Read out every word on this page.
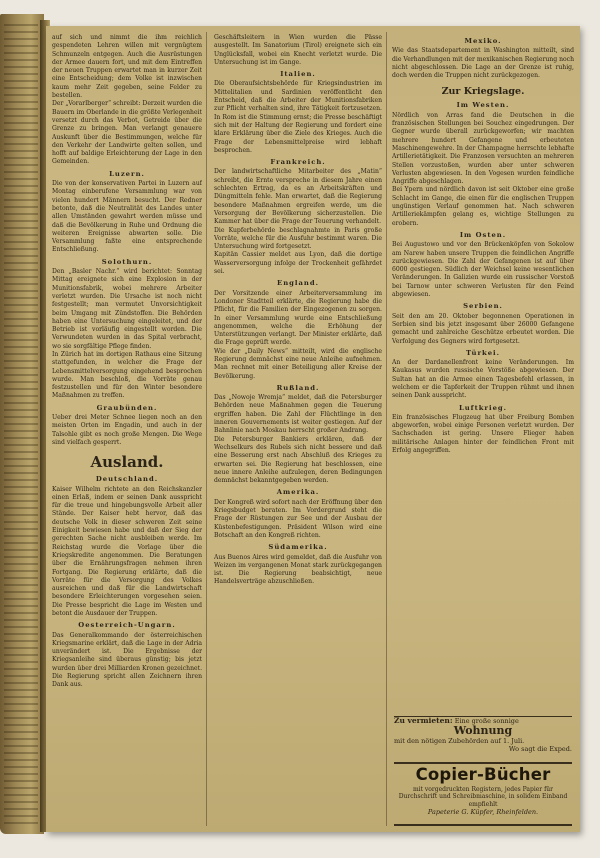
auf sich und nimmt die ihm reichlich gespendeten Lehren willen mit vergnügtem Schmunzeln entgegen. Auch die Ausrüstungen der Armee dauern fort, und mit dem Eintreffen der neuen Truppen erwartet man in kurzer Zeit eine Entscheidung; dem Volke ist inzwischen kaum mehr Zeit gegeben, seine Felder zu bestellen.

Der „Vorarlberger“ schreibt: Derzeit wurden die Bauern im Oberlande in die größte Verlegenheit versetzt durch das Verbot, Getreide über die Grenze zu bringen. Man verlangt genauere Auskunft über die Bestimmungen, welche für den Verkehr der Landwirte gelten sollen, und hofft auf baldige Erleichterung der Lage in den Gemeinden.

Luzern.

Die von der konservativen Partei in Luzern auf Montag einberufene Versammlung war von vielen hundert Männern besucht. Der Redner betonte, daß die Neutralität des Landes unter allen Umständen gewahrt werden müsse und daß die Bevölkerung in Ruhe und Ordnung die weiteren Ereignisse abwarten solle. Die Versammlung faßte eine entsprechende Entschließung.

Solothurn.

Den „Basler Nachr.“ wird berichtet: Sonntag Mittag ereignete sich eine Explosion in der Munitionsfabrik, wobei mehrere Arbeiter verletzt wurden. Die Ursache ist noch nicht festgestellt; man vermutet Unvorsichtigkeit beim Umgang mit Zündstoffen. Die Behörden haben eine Untersuchung eingeleitet, und der Betrieb ist vorläufig eingestellt worden. Die Verwundeten wurden in das Spital verbracht, wo sie sorgfältige Pflege finden.

In Zürich hat im dortigen Rathaus eine Sitzung stattgefunden, in welcher die Frage der Lebensmittelversorgung eingehend besprochen wurde. Man beschloß, die Vorräte genau festzustellen und für den Winter besondere Maßnahmen zu treffen.

Graubünden.

Ueber drei Meter Schnee liegen noch an den meisten Orten im Engadin, und auch in der Talsohle gibt es noch große Mengen. Die Wege sind vielfach gesperrt.

Ausland.
Deutschland.

Kaiser Wilhelm richtete an den Reichskanzler einen Erlaß, indem er seinen Dank ausspricht für die treue und hingebungsvolle Arbeit aller Stände. Der Kaiser hebt hervor, daß das deutsche Volk in dieser schweren Zeit seine Einigkeit bewiesen habe und daß der Sieg der gerechten Sache nicht ausbleiben werde. Im Reichstag wurde die Vorlage über die Kriegskredite angenommen. Die Beratungen über die Ernährungsfragen nehmen ihren Fortgang. Die Regierung erklärte, daß die Vorräte für die Versorgung des Volkes ausreichen und daß für die Landwirtschaft besondere Erleichterungen vorgesehen seien. Die Presse bespricht die Lage im Westen und betont die Ausdauer der Truppen.

Oesterreich-Ungarn.

Das Generalkommando der österreichischen Kriegsmarine erklärt, daß die Lage in der Adria unverändert ist. Die Ergebnisse der Kriegsanleihe sind überaus günstig; bis jetzt wurden über drei Milliarden Kronen gezeichnet. Die Regierung spricht allen Zeichnern ihren Dank aus.

Geschäftsleitern in Wien wurden die Pässe ausgestellt. Im Sanatorium (Tirol) ereignete sich ein Unglücksfall, wobei ein Knecht verletzt wurde. Die Untersuchung ist im Gange.

Italien.

Die Oberaufsichtsbehörde für Kriegsindustrien im Mittelitalien und Sardinien veröffentlicht den Entscheid, daß die Arbeiter der Munitionsfabriken zur Pflicht verhalten sind, ihre Tätigkeit fortzusetzen. In Rom ist die Stimmung ernst; die Presse beschäftigt sich mit der Haltung der Regierung und fordert eine klare Erklärung über die Ziele des Krieges. Auch die Frage der Lebensmittelpreise wird lebhaft besprochen.

Frankreich.

Der landwirtschaftliche Mitarbeiter des „Matin“ schreibt, die Ernte verspreche in diesem Jahre einen schlechten Ertrag, da es an Arbeitskräften und Düngmitteln fehle. Man erwartet, daß die Regierung besondere Maßnahmen ergreifen werde, um die Versorgung der Bevölkerung sicherzustellen. Die Kammer hat über die Frage der Teuerung verhandelt.

Die Kupferbehörde beschlagnahmte in Paris große Vorräte, welche für die Ausfuhr bestimmt waren. Die Untersuchung wird fortgesetzt.

Kapitän Cassier meldet aus Lyon, daß die dortige Wasserversorgung infolge der Trockenheit gefährdet sei.

England.

Der Vorsitzende einer Arbeiterversammlung im Londoner Stadtteil erklärte, die Regierung habe die Pflicht, für die Familien der Eingezogenen zu sorgen. In einer Versammlung wurde eine Entschließung angenommen, welche die Erhöhung der Unterstützungen verlangt. Der Minister erklärte, daß die Frage geprüft werde.

Wie der „Daily News“ mitteilt, wird die englische Regierung demnächst eine neue Anleihe aufnehmen. Man rechnet mit einer Beteiligung aller Kreise der Bevölkerung.

Rußland.

Das „Nowoje Wremja“ meldet, daß die Petersburger Behörden neue Maßnahmen gegen die Teuerung ergriffen haben. Die Zahl der Flüchtlinge in den inneren Gouvernements ist weiter gestiegen. Auf der Bahnlinie nach Moskau herrscht großer Andrang.

Die Petersburger Bankiers erklären, daß der Wechselkurs des Rubels sich nicht bessere und daß eine Besserung erst nach Abschluß des Krieges zu erwarten sei. Die Regierung hat beschlossen, eine neue innere Anleihe aufzulegen, deren Bedingungen demnächst bekanntgegeben werden.

Amerika.

Der Kongreß wird sofort nach der Eröffnung über den Kriegsbudget beraten. Im Vordergrund steht die Frage der Rüstungen zur See und der Ausbau der Küstenbefestigungen. Präsident Wilson wird eine Botschaft an den Kongreß richten.

Südamerika.

Aus Buenos Aires wird gemeldet, daß die Ausfuhr von Weizen im vergangenen Monat stark zurückgegangen ist. Die Regierung beabsichtigt, neue Handelsverträge abzuschließen.

Mexiko.

Wie das Staatsdepartement in Washington mitteilt, sind die Verhandlungen mit der mexikanischen Regierung noch nicht abgeschlossen. Die Lage an der Grenze ist ruhig, doch werden die Truppen nicht zurückgezogen.

Zur Kriegslage.
Im Westen.

Nördlich von Arras fand die Deutschen in die französischen Stellungen bei Souchez eingedrungen. Der Gegner wurde überall zurückgeworfen; wir machten mehrere hundert Gefangene und erbeuteten Maschinengewehre. In der Champagne herrschte lebhafte Artillerietätigkeit. Die Franzosen versuchten an mehreren Stellen vorzustoßen, wurden aber unter schweren Verlusten abgewiesen. In den Vogesen wurden feindliche Angriffe abgeschlagen.

Bei Ypern und nördlich davon ist seit Oktober eine große Schlacht im Gange, die einen für die englischen Truppen ungünstigen Verlauf genommen hat. Nach schweren Artilleriekämpfen gelang es, wichtige Stellungen zu erobern.

Im Osten.

Bei Augustowo und vor den Brückenköpfen von Sokolow am Narew haben unsere Truppen die feindlichen Angriffe zurückgewiesen. Die Zahl der Gefangenen ist auf über 6000 gestiegen. Südlich der Weichsel keine wesentlichen Veränderungen. In Galizien wurde ein russischer Vorstoß bei Tarnow unter schweren Verlusten für den Feind abgewiesen.

Serbien.

Seit den am 20. Oktober begonnenen Operationen in Serbien sind bis jetzt insgesamt über 26000 Gefangene gemacht und zahlreiche Geschütze erbeutet worden. Die Verfolgung des Gegners wird fortgesetzt.

Türkei.

An der Dardanellenfront keine Veränderungen. Im Kaukasus wurden russische Vorstöße abgewiesen. Der Sultan hat an die Armee einen Tagesbefehl erlassen, in welchem er die Tapferkeit der Truppen rühmt und ihnen seinen Dank ausspricht.

Luftkrieg.

Ein französisches Flugzeug hat über Freiburg Bomben abgeworfen, wobei einige Personen verletzt wurden. Der Sachschaden ist gering. Unsere Flieger haben militärische Anlagen hinter der feindlichen Front mit Erfolg angegriffen.

Zu vermieten: Eine große sonnige
Wohnung
mit den nötigen Zubehörden auf 1. Juli.
Wo sagt die Exped.
Copier-Bücher
mit vorgedruckten Registern, jedes Papier für Durchschrift und Schreibmaschine, in solidem Einband empfiehlt
Papeterie G. Küpfer, Rheinfelden.
